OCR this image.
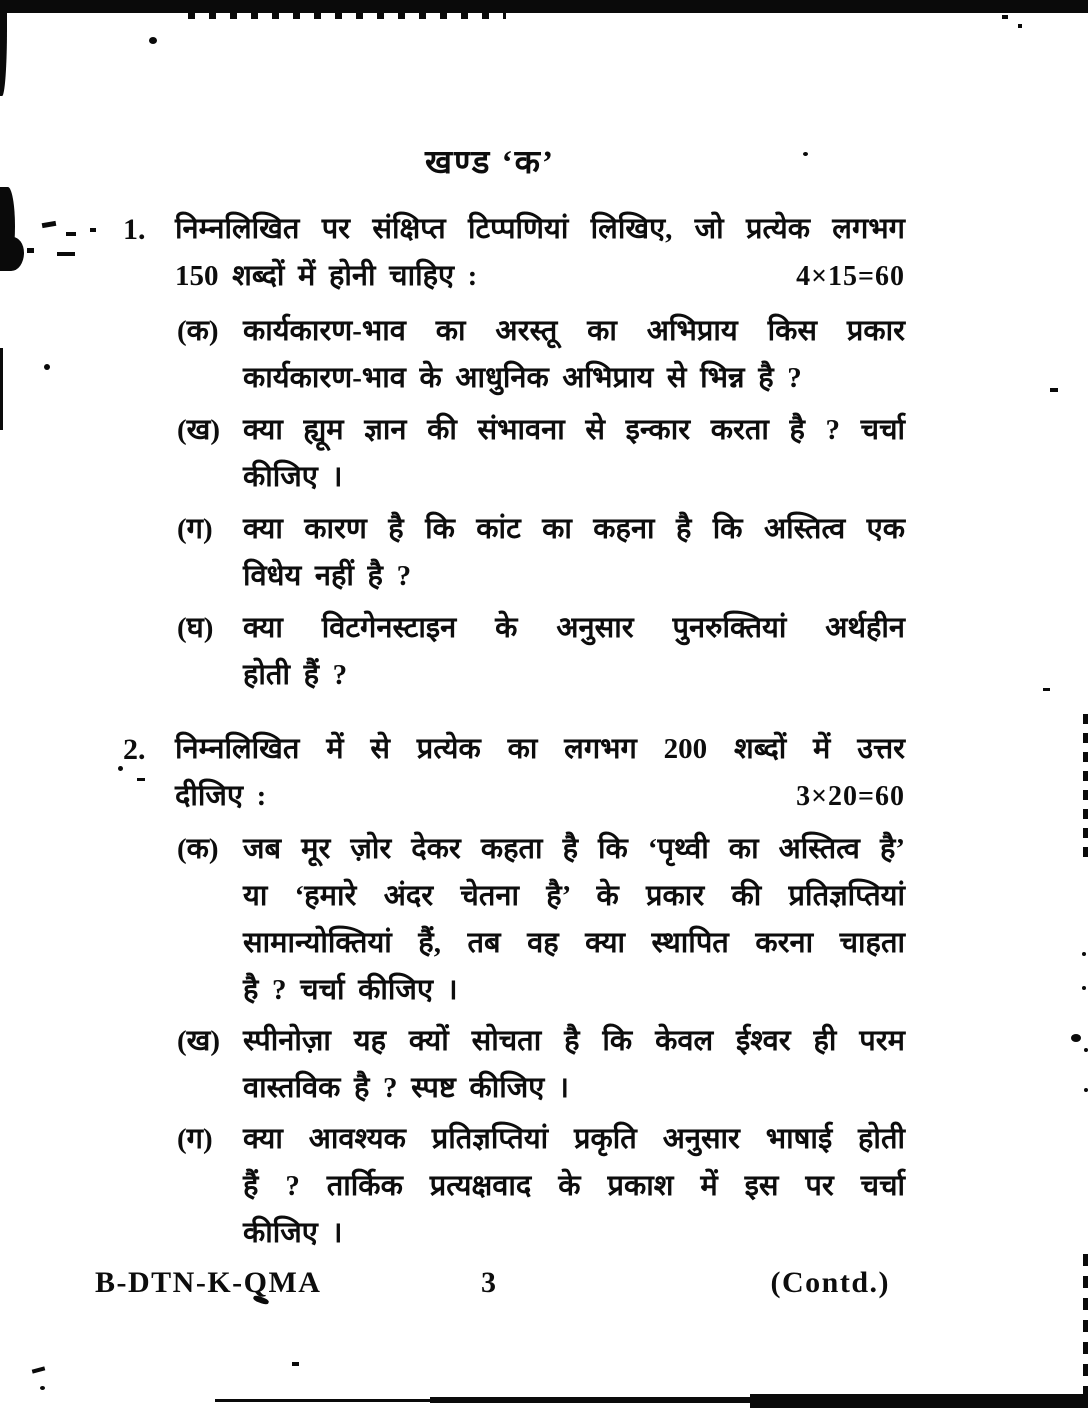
खण्ड ‘क’
1.	निम्नलिखित पर संक्षिप्त टिप्पणियां लिखिए, जो प्रत्येक लगभग
150 शब्दों में होनी चाहिए :	4×15=60
(क) कार्यकारण-भाव का अरस्तू का अभिप्राय किस प्रकार
कार्यकारण-भाव के आधुनिक अभिप्राय से भिन्न है ?
(ख) क्या ह्यूम ज्ञान की संभावना से इन्कार करता है ? चर्चा
कीजिए ।
(ग)	क्या कारण है कि कांट का कहना है कि अस्तित्व एक
विधेय नहीं है ?
(घ)	क्या विटगेनस्टाइन के अनुसार पुनरुक्तियां अर्थहीन
होती हैं ?
2.	निम्नलिखित में से प्रत्येक का लगभग 200 शब्दों में उत्तर
दीजिए :	3×20=60
(क) जब मूर ज़ोर देकर कहता है कि ‘पृथ्वी का अस्तित्व है’
या ‘हमारे अंदर चेतना है’ के प्रकार की प्रतिज्ञप्तियां
सामान्योक्तियां हैं, तब वह क्या स्थापित करना चाहता
है ? चर्चा कीजिए ।
(ख) स्पीनोज़ा यह क्यों सोचता है कि केवल ईश्वर ही परम
वास्तविक है ? स्पष्ट कीजिए ।
(ग)	क्या आवश्यक प्रतिज्ञप्तियां प्रकृति अनुसार भाषाई होती
हैं ? तार्किक प्रत्यक्षवाद के प्रकाश में इस पर चर्चा
कीजिए ।
B-DTN-K-QMA	3	(Contd.)
